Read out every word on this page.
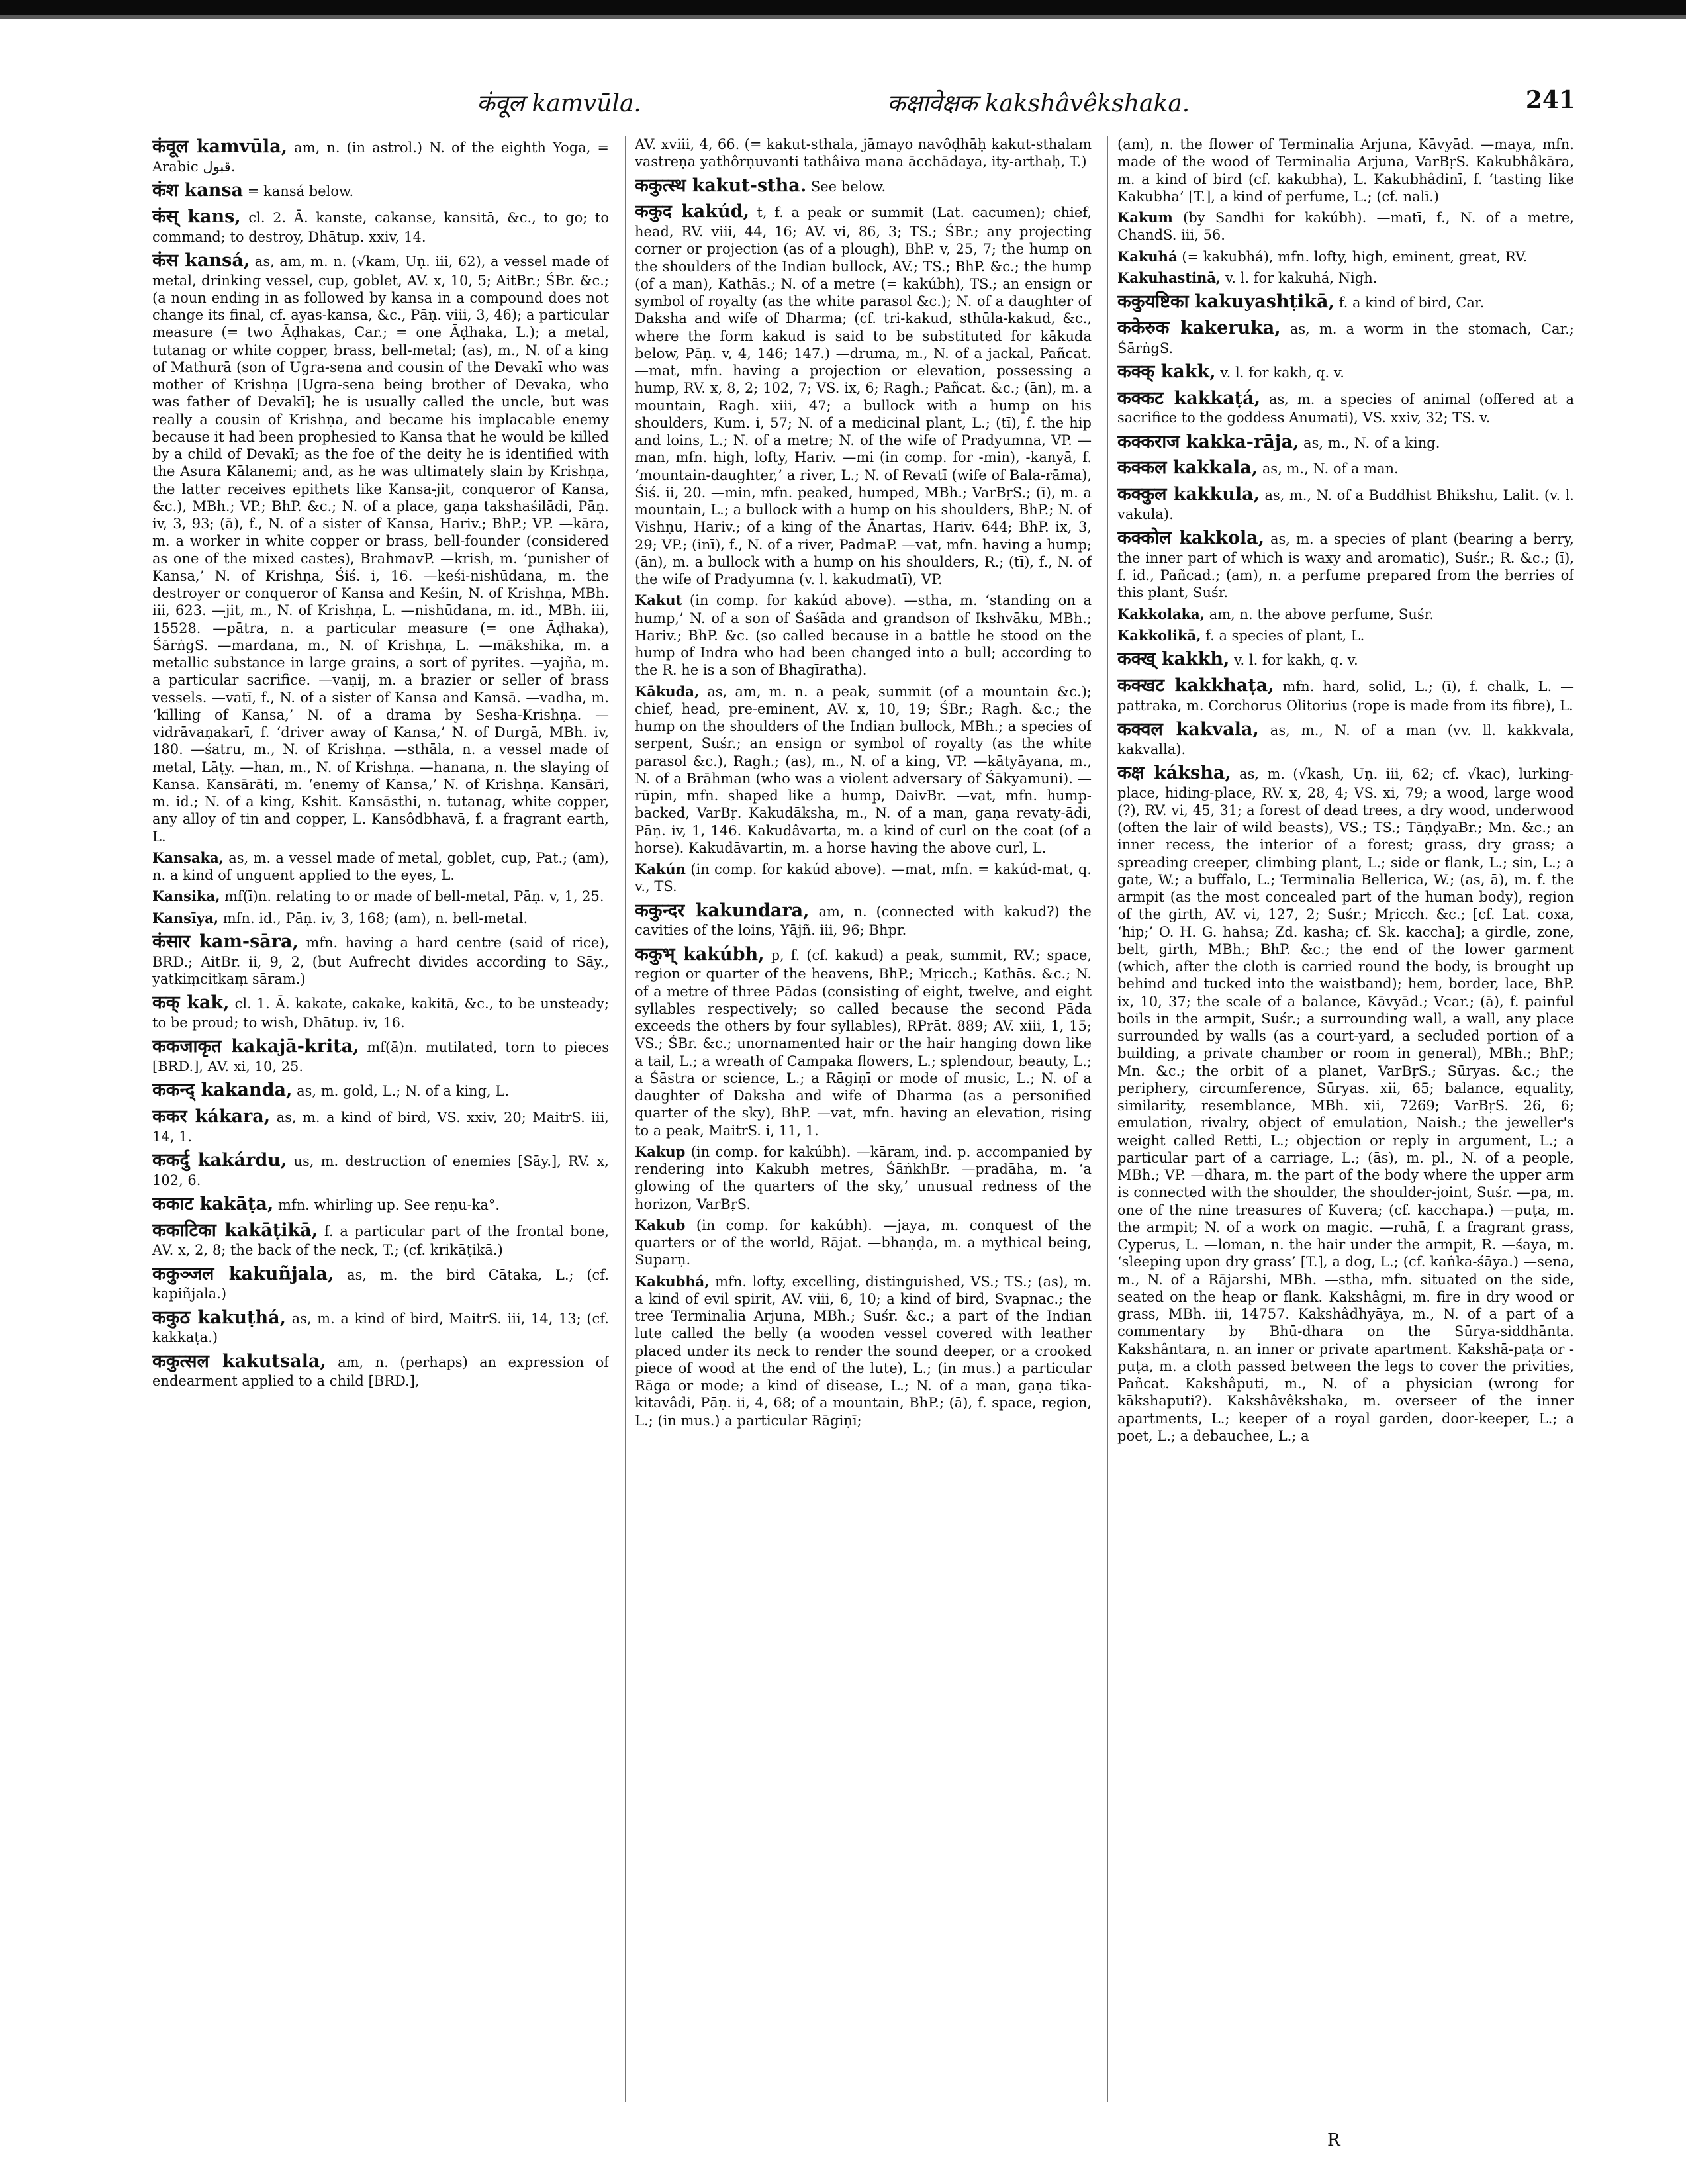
कंवूल kamvūla.	कक्षावेक्षक kakshâvêkshaka.	241

कंवूल kamvūla, am, n. (in astrol.) N. of the eighth Yoga, = Arabic قبول.

कंश kansa = kansá below.

कंस् kans, cl. 2. Ā. kanste, cakanse, kansitā, &c., to go; to command; to destroy, Dhātup. xxiv, 14.

कंस kansá, as, am, m. n. (√kam, Uṇ. iii, 62), a vessel made of metal, drinking vessel, cup, goblet, AV. x, 10, 5; AitBr.; ŚBr. &c.; (a noun ending in as followed by kansa in a compound does not change its final, cf. ayas-kansa, &c., Pāṇ. viii, 3, 46); a particular measure (= two Āḍhakas, Car.; = one Āḍhaka, L.); a metal, tutanag or white copper, brass, bell-metal; (as), m., N. of a king of Mathurā (son of Ugra-sena and cousin of the Devakī who was mother of Krishṇa [Ugra-sena being brother of Devaka, who was father of Devakī]; he is usually called the uncle, but was really a cousin of Krishṇa, and became his implacable enemy because it had been prophesied to Kansa that he would be killed by a child of Devakī; as the foe of the deity he is identified with the Asura Kālanemi; and, as he was ultimately slain by Krishṇa, the latter receives epithets like Kansa-jit, conqueror of Kansa, &c.), MBh.; VP.; BhP. &c.; N. of a place, gaṇa takshaśilādi, Pāṇ. iv, 3, 93; (ā), f., N. of a sister of Kansa, Hariv.; BhP.; VP. —kāra, m. a worker in white copper or brass, bell-founder (considered as one of the mixed castes), BrahmavP. —krish, m. ‘punisher of Kansa,’ N. of Krishṇa, Śiś. i, 16. —keśi-nishūdana, m. the destroyer or conqueror of Kansa and Keśin, N. of Krishṇa, MBh. iii, 623. —jit, m., N. of Krishṇa, L. —nishūdana, m. id., MBh. iii, 15528. —pātra, n. a particular measure (= one Āḍhaka), ŚārṅgS. —mardana, m., N. of Krishṇa, L. —mākshika, m. a metallic substance in large grains, a sort of pyrites. —yajña, m. a particular sacrifice. —vaṇij, m. a brazier or seller of brass vessels. —vatī, f., N. of a sister of Kansa and Kansā. —vadha, m. ‘killing of Kansa,’ N. of a drama by Sesha-Krishṇa. —vidrāvaṇakarī, f. ‘driver away of Kansa,’ N. of Durgā, MBh. iv, 180. —śatru, m., N. of Krishṇa. —sthāla, n. a vessel made of metal, Lāṭy. —han, m., N. of Krishṇa. —hanana, n. the slaying of Kansa. Kansārāti, m. ‘enemy of Kansa,’ N. of Krishṇa. Kansāri, m. id.; N. of a king, Kshit. Kansāsthi, n. tutanag, white copper, any alloy of tin and copper, L. Kansôdbhavā, f. a fragrant earth, L.

Kansaka, as, m. a vessel made of metal, goblet, cup, Pat.; (am), n. a kind of unguent applied to the eyes, L.

Kansika, mf(ī)n. relating to or made of bell-metal, Pāṇ. v, 1, 25.

Kansīya, mfn. id., Pāṇ. iv, 3, 168; (am), n. bell-metal.

कंसार kam-sāra, mfn. having a hard centre (said of rice), BRD.; AitBr. ii, 9, 2, (but Aufrecht divides according to Sāy., yatkiṃcitkaṃ sāram.)

कक् kak, cl. 1. Ā. kakate, cakake, kakitā, &c., to be unsteady; to be proud; to wish, Dhātup. iv, 16.

ककजाकृत kakajā-krita, mf(ā)n. mutilated, torn to pieces [BRD.], AV. xi, 10, 25.

ककन्द् kakanda, as, m. gold, L.; N. of a king, L.

ककर kákara, as, m. a kind of bird, VS. xxiv, 20; MaitrS. iii, 14, 1.

ककर्दु kakárdu, us, m. destruction of enemies [Sāy.], RV. x, 102, 6.

ककाट kakāṭa, mfn. whirling up. See reṇu-ka°.

ककाटिका kakāṭikā, f. a particular part of the frontal bone, AV. x, 2, 8; the back of the neck, T.; (cf. krikāṭikā.)

ककुञ्जल kakuñjala, as, m. the bird Cātaka, L.; (cf. kapiñjala.)

ककुठ kakuṭhá, as, m. a kind of bird, MaitrS. iii, 14, 13; (cf. kakkaṭa.)

ककुत्सल kakutsala, am, n. (perhaps) an expression of endearment applied to a child [BRD.],

AV. xviii, 4, 66. (= kakut-sthala, jāmayo navôḍhāḥ kakut-sthalam vastreṇa yathôrṇuvanti tathâiva mana ācchādaya, ity-arthaḥ, T.)

ककुत्स्थ kakut-stha. See below.

ककुद kakúd, t, f. a peak or summit (Lat. cacumen); chief, head, RV. viii, 44, 16; AV. vi, 86, 3; TS.; ŚBr.; any projecting corner or projection (as of a plough), BhP. v, 25, 7; the hump on the shoulders of the Indian bullock, AV.; TS.; BhP. &c.; the hump (of a man), Kathās.; N. of a metre (= kakúbh), TS.; an ensign or symbol of royalty (as the white parasol &c.); N. of a daughter of Daksha and wife of Dharma; (cf. tri-kakud, sthūla-kakud, &c., where the form kakud is said to be substituted for kākuda below, Pāṇ. v, 4, 146; 147.) —druma, m., N. of a jackal, Pañcat. —mat, mfn. having a projection or elevation, possessing a hump, RV. x, 8, 2; 102, 7; VS. ix, 6; Ragh.; Pañcat. &c.; (ān), m. a mountain, Ragh. xiii, 47; a bullock with a hump on his shoulders, Kum. i, 57; N. of a medicinal plant, L.; (tī), f. the hip and loins, L.; N. of a metre; N. of the wife of Pradyumna, VP. —man, mfn. high, lofty, Hariv. —mi (in comp. for -min), -kanyā, f. ‘mountain-daughter,’ a river, L.; N. of Revatī (wife of Bala-rāma), Śiś. ii, 20. —min, mfn. peaked, humped, MBh.; VarBṛS.; (ī), m. a mountain, L.; a bullock with a hump on his shoulders, BhP.; N. of Vishṇu, Hariv.; of a king of the Ānartas, Hariv. 644; BhP. ix, 3, 29; VP.; (inī), f., N. of a river, PadmaP. —vat, mfn. having a hump; (ān), m. a bullock with a hump on his shoulders, R.; (tī), f., N. of the wife of Pradyumna (v. l. kakudmatī), VP.

Kakut (in comp. for kakúd above). —stha, m. ‘standing on a hump,’ N. of a son of Śaśāda and grandson of Ikshvāku, MBh.; Hariv.; BhP. &c. (so called because in a battle he stood on the hump of Indra who had been changed into a bull; according to the R. he is a son of Bhagīratha).

Kākuda, as, am, m. n. a peak, summit (of a mountain &c.); chief, head, pre-eminent, AV. x, 10, 19; ŚBr.; Ragh. &c.; the hump on the shoulders of the Indian bullock, MBh.; a species of serpent, Suśr.; an ensign or symbol of royalty (as the white parasol &c.), Ragh.; (as), m., N. of a king, VP. —kātyāyana, m., N. of a Brāhman (who was a violent adversary of Śākyamuni). —rūpin, mfn. shaped like a hump, DaivBr. —vat, mfn. hump-backed, VarBṛ. Kakudāksha, m., N. of a man, gaṇa revaty-ādi, Pāṇ. iv, 1, 146. Kakudâvarta, m. a kind of curl on the coat (of a horse). Kakudāvartin, m. a horse having the above curl, L.

Kakún (in comp. for kakúd above). —mat, mfn. = kakúd-mat, q. v., TS.

ककुन्दर kakundara, am, n. (connected with kakud?) the cavities of the loins, Yājñ. iii, 96; Bhpr.

ककुभ् kakúbh, p, f. (cf. kakud) a peak, summit, RV.; space, region or quarter of the heavens, BhP.; Mṛicch.; Kathās. &c.; N. of a metre of three Pādas (consisting of eight, twelve, and eight syllables respectively; so called because the second Pāda exceeds the others by four syllables), RPrāt. 889; AV. xiii, 1, 15; VS.; ŚBr. &c.; unornamented hair or the hair hanging down like a tail, L.; a wreath of Campaka flowers, L.; splendour, beauty, L.; a Śāstra or science, L.; a Rāgiṇī or mode of music, L.; N. of a daughter of Daksha and wife of Dharma (as a personified quarter of the sky), BhP. —vat, mfn. having an elevation, rising to a peak, MaitrS. i, 11, 1.

Kakup (in comp. for kakúbh). —kāram, ind. p. accompanied by rendering into Kakubh metres, ŚāṅkhBr. —pradāha, m. ‘a glowing of the quarters of the sky,’ unusual redness of the horizon, VarBṛS.

Kakub (in comp. for kakúbh). —jaya, m. conquest of the quarters or of the world, Rājat. —bhaṇḍa, m. a mythical being, Suparṇ.

Kakubhá, mfn. lofty, excelling, distinguished, VS.; TS.; (as), m. a kind of evil spirit, AV. viii, 6, 10; a kind of bird, Svapnac.; the tree Terminalia Arjuna, MBh.; Suśr. &c.; a part of the Indian lute called the belly (a wooden vessel covered with leather placed under its neck to render the sound deeper, or a crooked piece of wood at the end of the lute), L.; (in mus.) a particular Rāga or mode; a kind of disease, L.; N. of a man, gaṇa tika-kitavâdi, Pāṇ. ii, 4, 68; of a mountain, BhP.; (ā), f. space, region, L.; (in mus.) a particular Rāgiṇī;

(am), n. the flower of Terminalia Arjuna, Kāvyād. —maya, mfn. made of the wood of Terminalia Arjuna, VarBṛS. Kakubhâkāra, m. a kind of bird (cf. kakubha), L. Kakubhâdinī, f. ‘tasting like Kakubha’ [T.], a kind of perfume, L.; (cf. nalī.)

Kakum (by Sandhi for kakúbh). —matī, f., N. of a metre, ChandS. iii, 56.

Kakuhá (= kakubhá), mfn. lofty, high, eminent, great, RV.

Kakuhastinā, v. l. for kakuhá, Nigh.

ककुयष्टिका kakuyashṭikā, f. a kind of bird, Car.

ककेरुक kakeruka, as, m. a worm in the stomach, Car.; ŚārṅgS.

कक्क् kakk, v. l. for kakh, q. v.

कक्कट kakkaṭá, as, m. a species of animal (offered at a sacrifice to the goddess Anumati), VS. xxiv, 32; TS. v.

कक्कराज kakka-rāja, as, m., N. of a king.

कक्कल kakkala, as, m., N. of a man.

कक्कुल kakkula, as, m., N. of a Buddhist Bhikshu, Lalit. (v. l. vakula).

कक्कोल kakkola, as, m. a species of plant (bearing a berry, the inner part of which is waxy and aromatic), Suśr.; R. &c.; (ī), f. id., Pañcad.; (am), n. a perfume prepared from the berries of this plant, Suśr.

Kakkolaka, am, n. the above perfume, Suśr.

Kakkolikā, f. a species of plant, L.

कक्ख् kakkh, v. l. for kakh, q. v.

कक्खट kakkhaṭa, mfn. hard, solid, L.; (ī), f. chalk, L. —pattraka, m. Corchorus Olitorius (rope is made from its fibre), L.

कक्वल kakvala, as, m., N. of a man (vv. ll. kakkvala, kakvalla).

कक्ष káksha, as, m. (√kash, Uṇ. iii, 62; cf. √kac), lurking-place, hiding-place, RV. x, 28, 4; VS. xi, 79; a wood, large wood (?), RV. vi, 45, 31; a forest of dead trees, a dry wood, underwood (often the lair of wild beasts), VS.; TS.; TāṇḍyaBr.; Mn. &c.; an inner recess, the interior of a forest; grass, dry grass; a spreading creeper, climbing plant, L.; side or flank, L.; sin, L.; a gate, W.; a buffalo, L.; Terminalia Bellerica, W.; (as, ā), m. f. the armpit (as the most concealed part of the human body), region of the girth, AV. vi, 127, 2; Suśr.; Mṛicch. &c.; [cf. Lat. coxa, ‘hip;’ O. H. G. hahsa; Zd. kasha; cf. Sk. kaccha]; a girdle, zone, belt, girth, MBh.; BhP. &c.; the end of the lower garment (which, after the cloth is carried round the body, is brought up behind and tucked into the waistband); hem, border, lace, BhP. ix, 10, 37; the scale of a balance, Kāvyād.; Vcar.; (ā), f. painful boils in the armpit, Suśr.; a surrounding wall, a wall, any place surrounded by walls (as a court-yard, a secluded portion of a building, a private chamber or room in general), MBh.; BhP.; Mn. &c.; the orbit of a planet, VarBṛS.; Sūryas. &c.; the periphery, circumference, Sūryas. xii, 65; balance, equality, similarity, resemblance, MBh. xii, 7269; VarBṛS. 26, 6; emulation, rivalry, object of emulation, Naish.; the jeweller's weight called Retti, L.; objection or reply in argument, L.; a particular part of a carriage, L.; (ās), m. pl., N. of a people, MBh.; VP. —dhara, m. the part of the body where the upper arm is connected with the shoulder, the shoulder-joint, Suśr. —pa, m. one of the nine treasures of Kuvera; (cf. kacchapa.) —puṭa, m. the armpit; N. of a work on magic. —ruhā, f. a fragrant grass, Cyperus, L. —loman, n. the hair under the armpit, R. —śaya, m. ‘sleeping upon dry grass’ [T.], a dog, L.; (cf. kaṅka-śāya.) —sena, m., N. of a Rājarshi, MBh. —stha, mfn. situated on the side, seated on the heap or flank. Kakshâgni, m. fire in dry wood or grass, MBh. iii, 14757. Kakshâdhyāya, m., N. of a part of a commentary by Bhū-dhara on the Sūrya-siddhānta. Kakshântara, n. an inner or private apartment. Kakshā-paṭa or -puṭa, m. a cloth passed between the legs to cover the privities, Pañcat. Kakshâputi, m., N. of a physician (wrong for kākshaputi?). Kakshâvêkshaka, m. overseer of the inner apartments, L.; keeper of a royal garden, door-keeper, L.; a poet, L.; a debauchee, L.; a

R
